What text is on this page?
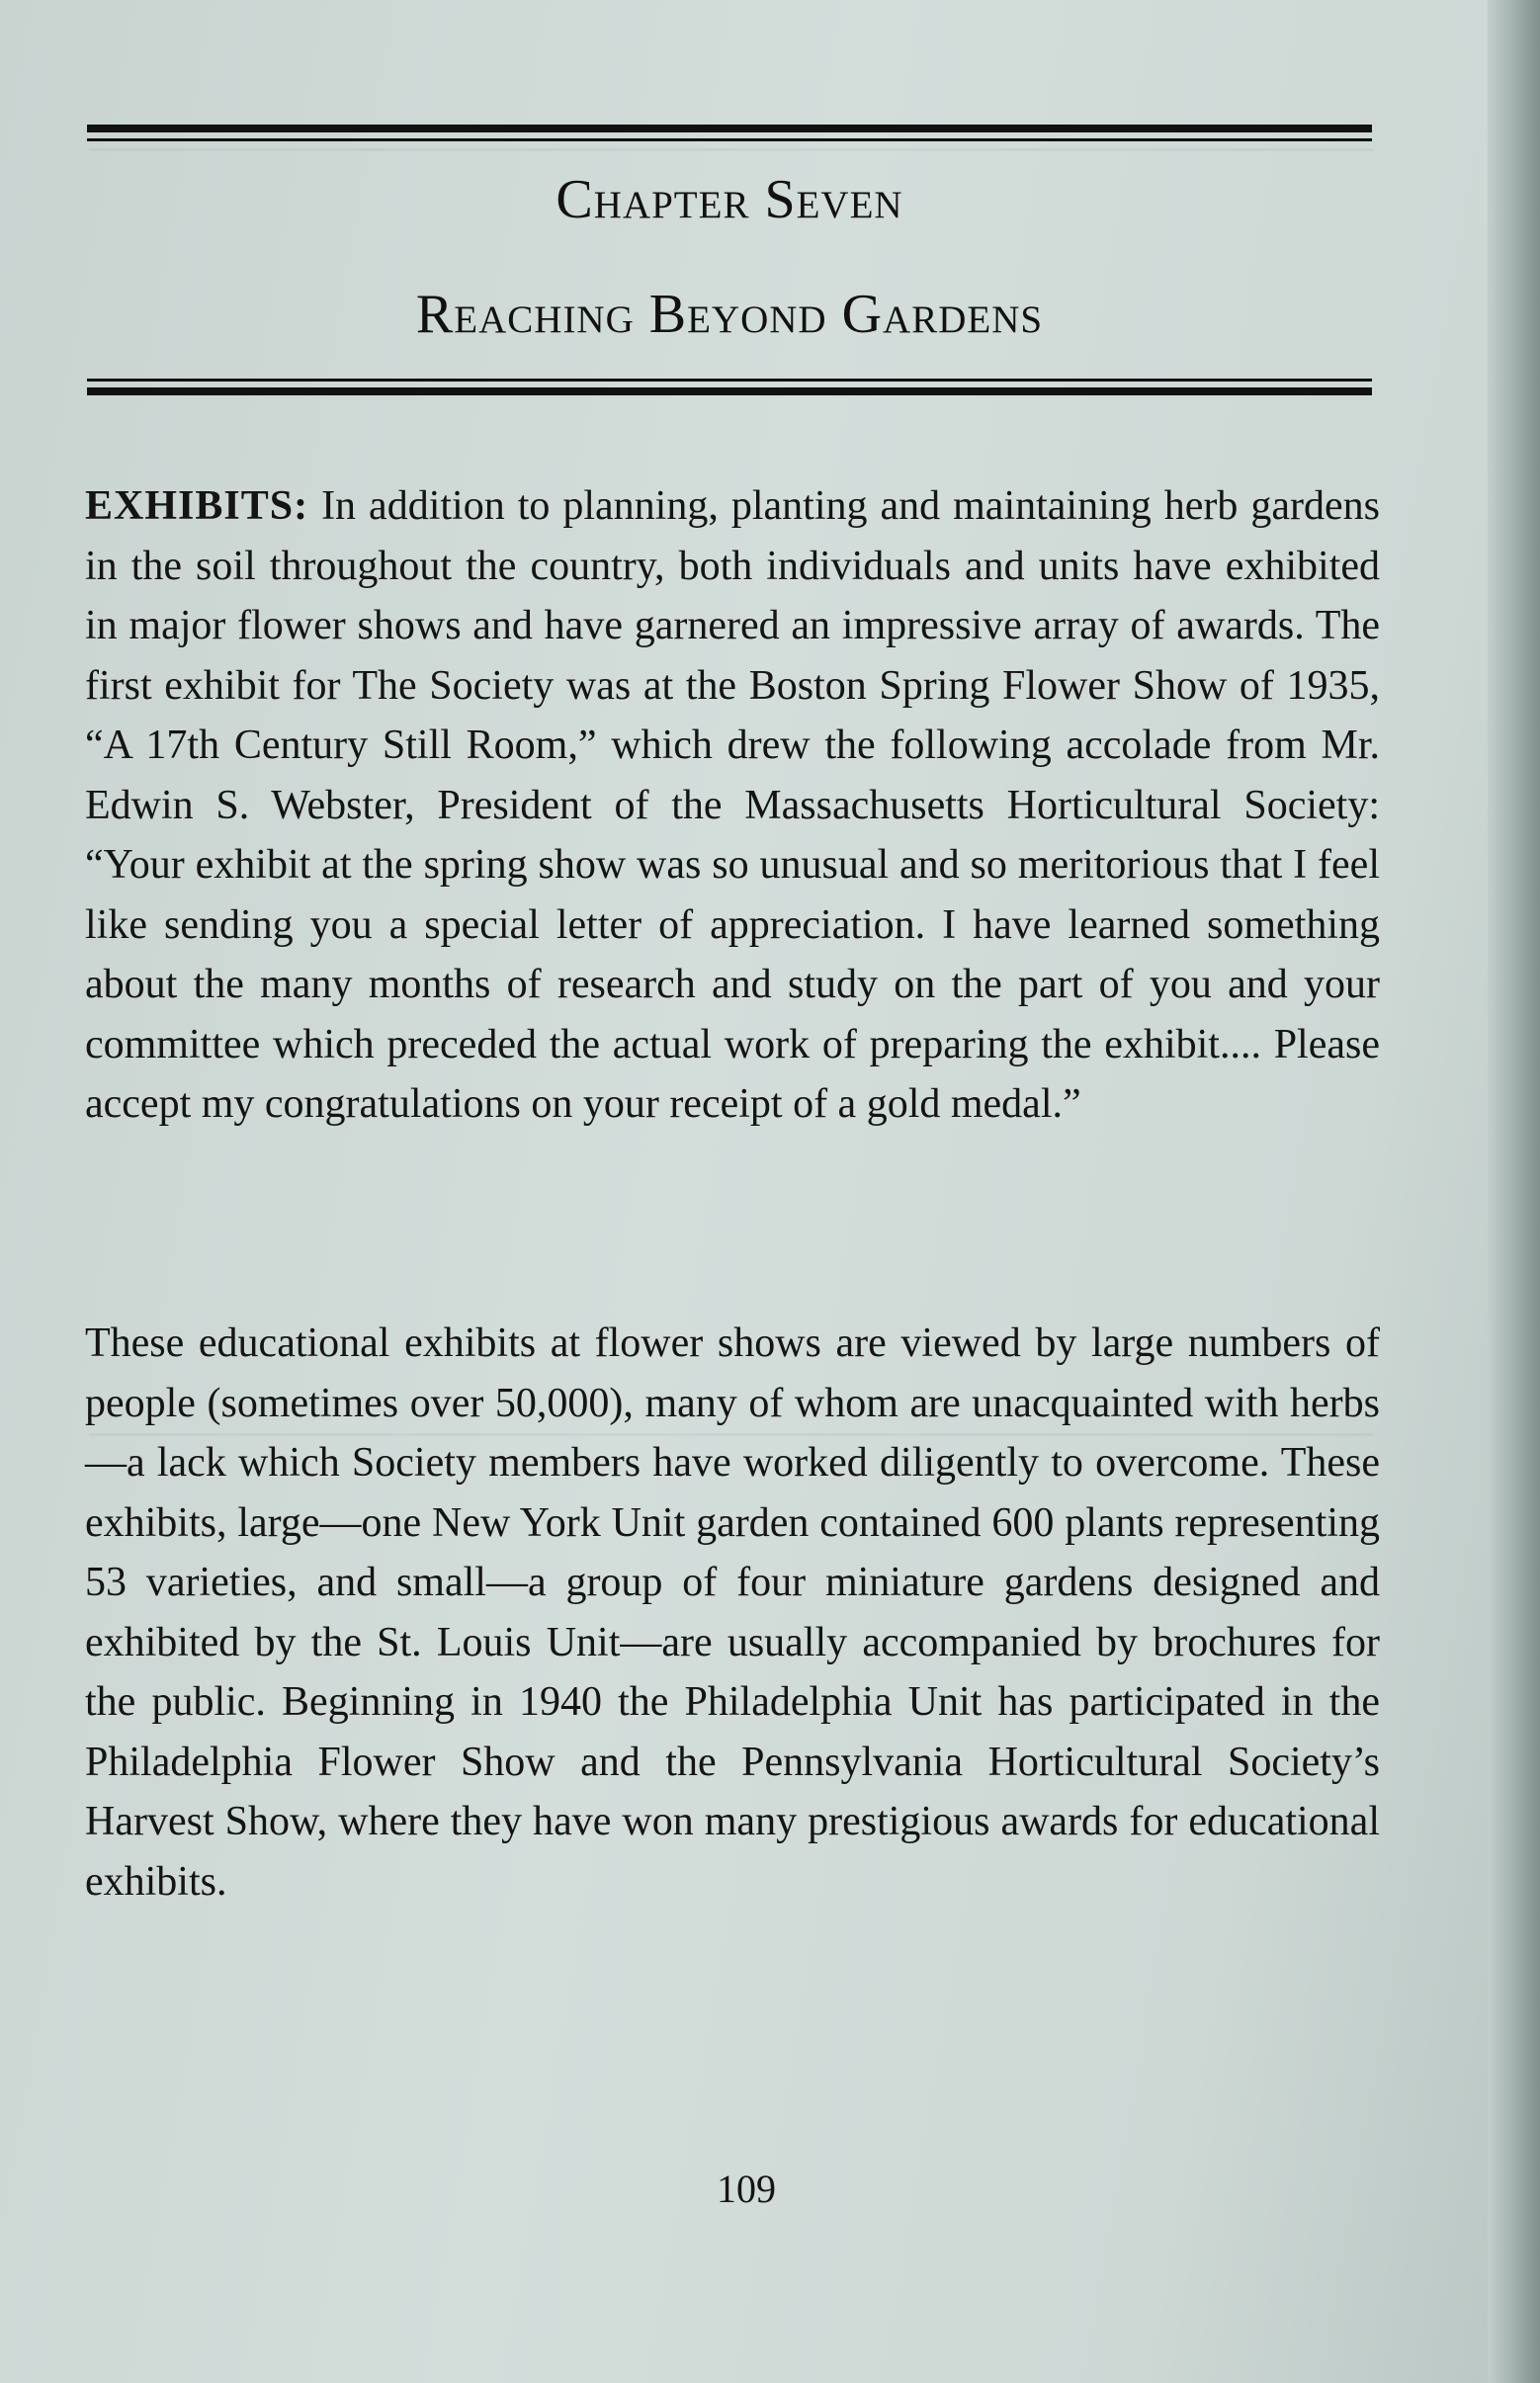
Chapter Seven
Reaching Beyond Gardens

EXHIBITS: In addition to planning, planting and maintaining herb gardens in the soil throughout the country, both individuals and units have exhibited in major flower shows and have garnered an impressive array of awards. The first exhibit for The Society was at the Boston Spring Flower Show of 1935, “A 17th Century Still Room,” which drew the following accolade from Mr. Edwin S. Webster, President of the Massachusetts Horticultural Society: “Your exhibit at the spring show was so unusual and so meritorious that I feel like sending you a special letter of appreciation. I have learned something about the many months of research and study on the part of you and your committee which preceded the actual work of preparing the exhibit.... Please accept my congratulations on your receipt of a gold medal.”

These educational exhibits at flower shows are viewed by large numbers of people (sometimes over 50,000), many of whom are unacquainted with herbs—a lack which Society members have worked diligently to overcome. These exhibits, large—one New York Unit garden contained 600 plants representing 53 varieties, and small—a group of four miniature gardens designed and exhibited by the St. Louis Unit—are usually accompanied by brochures for the public. Beginning in 1940 the Philadelphia Unit has participated in the Philadelphia Flower Show and the Pennsylvania Horticultural Society’s Harvest Show, where they have won many prestigious awards for educational exhibits.

109
